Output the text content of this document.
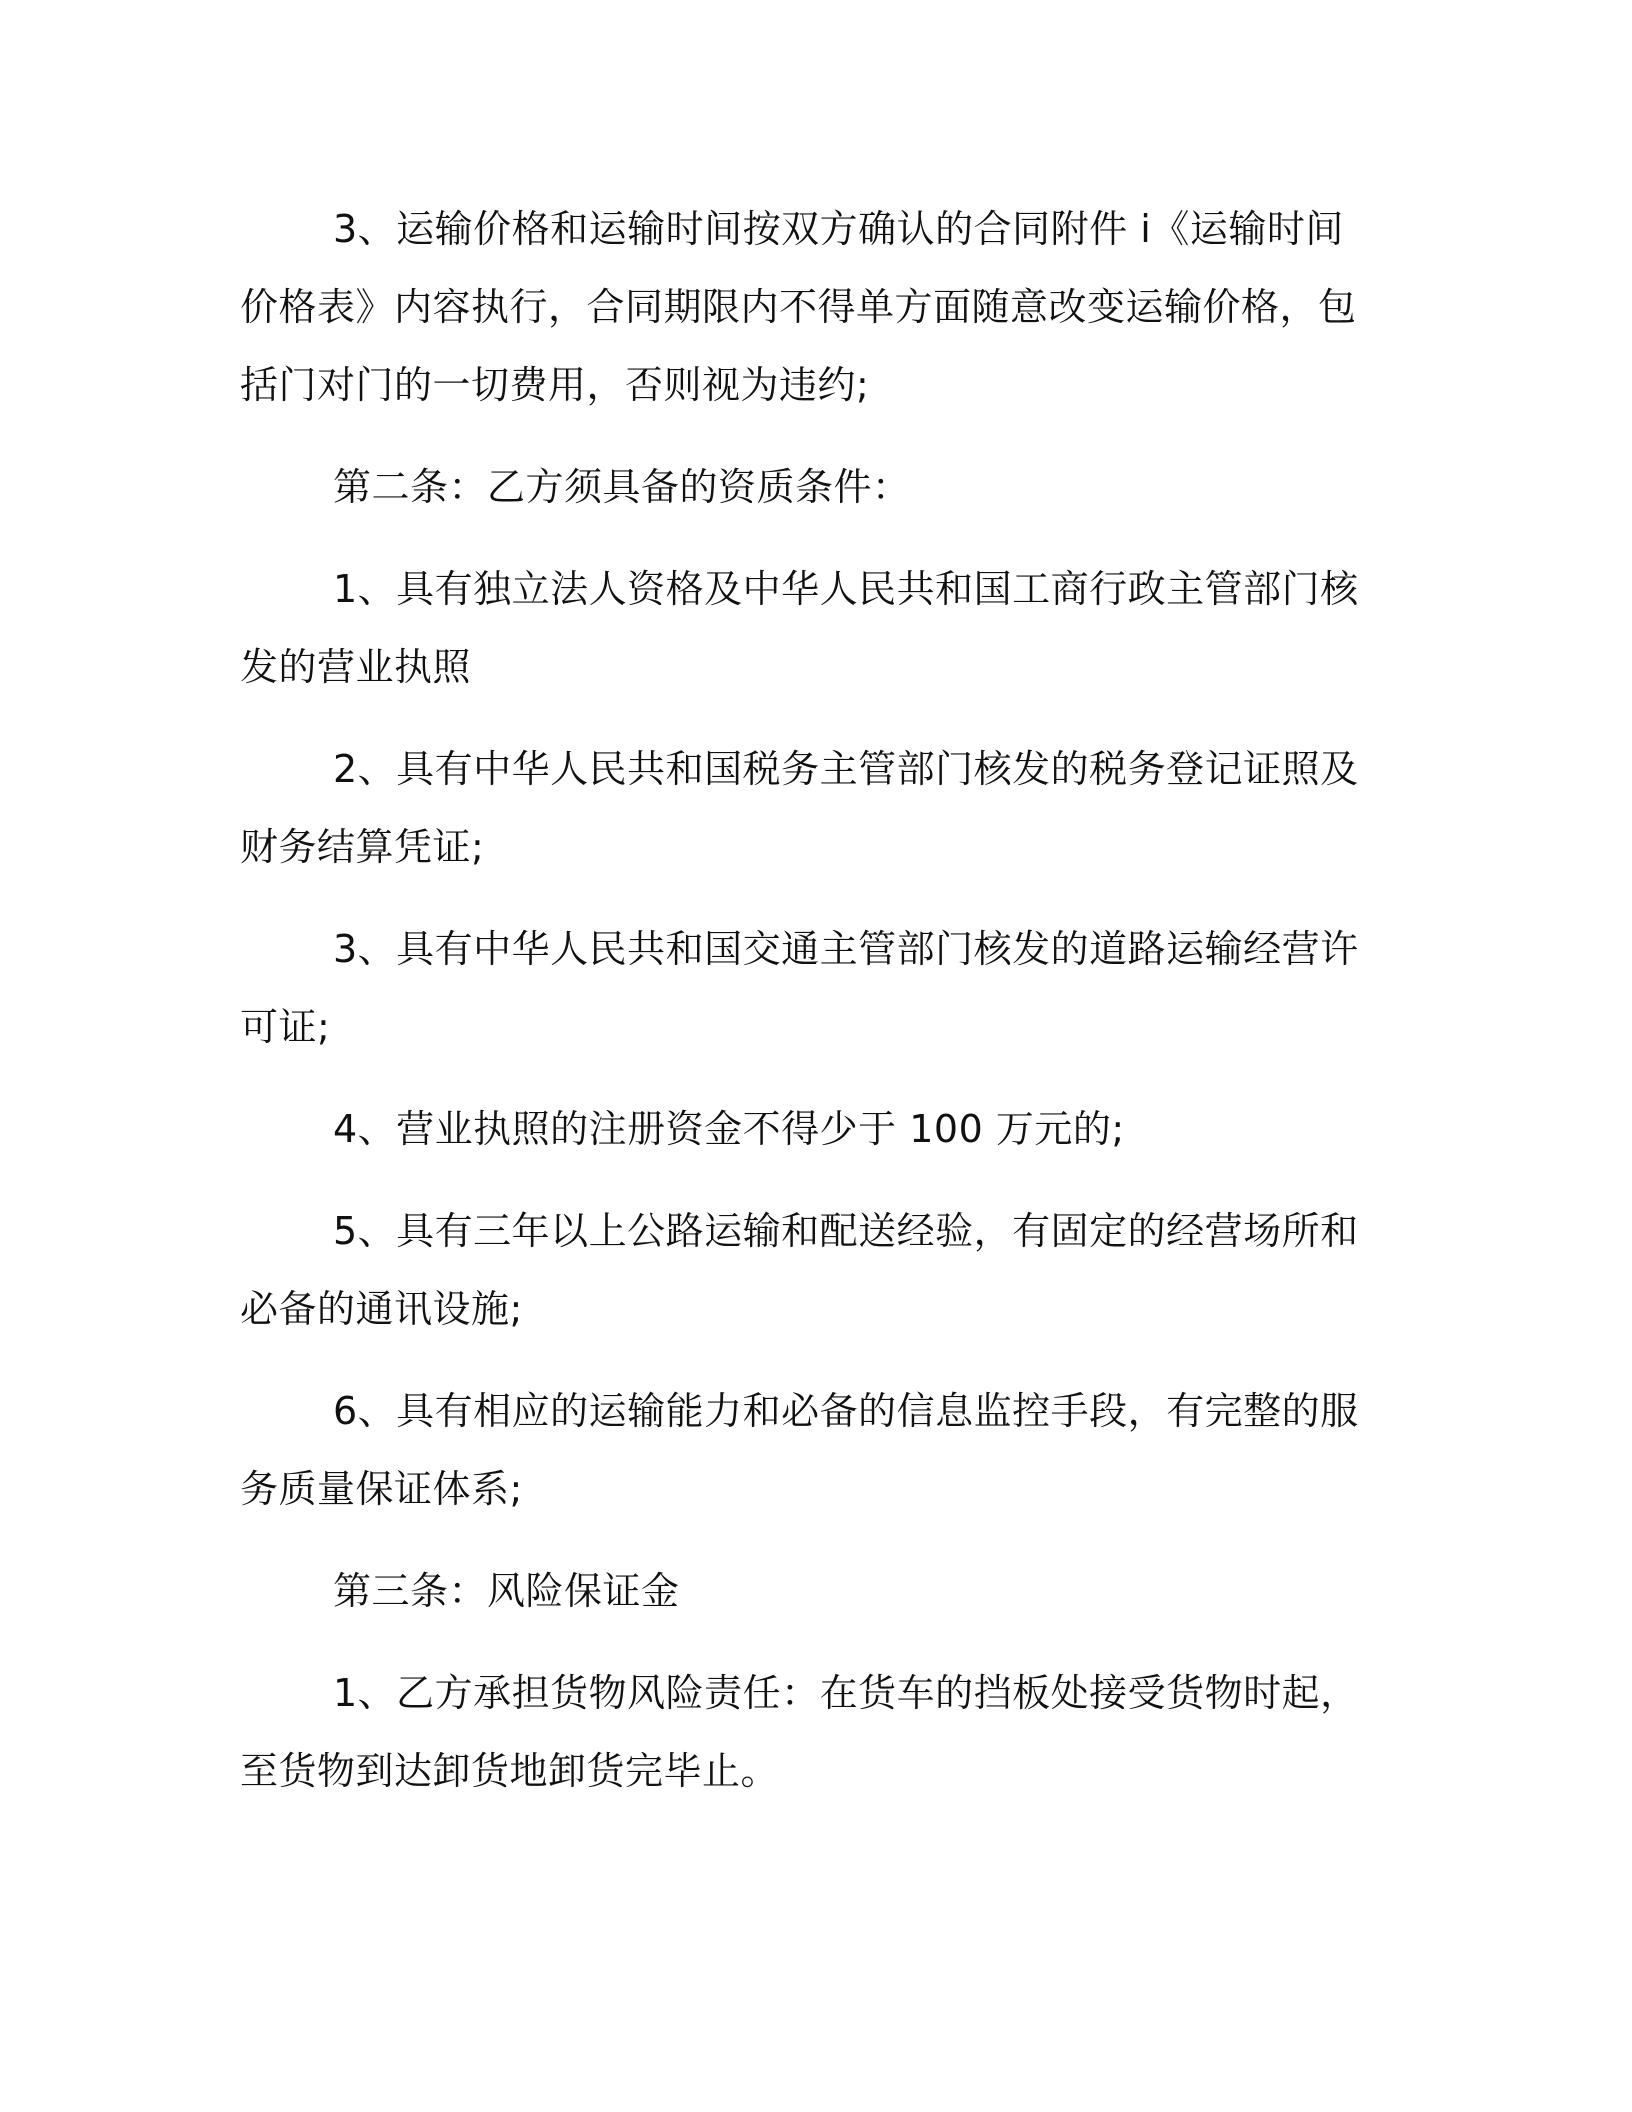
3、运输价格和运输时间按双方确认的合同附件 i《运输时间价格表》内容执行，合同期限内不得单方面随意改变运输价格，包括门对门的一切费用，否则视为违约;

第二条：乙方须具备的资质条件：

1、具有独立法人资格及中华人民共和国工商行政主管部门核发的营业执照

2、具有中华人民共和国税务主管部门核发的税务登记证照及财务结算凭证;

3、具有中华人民共和国交通主管部门核发的道路运输经营许可证;

4、营业执照的注册资金不得少于 100 万元的;

5、具有三年以上公路运输和配送经验，有固定的经营场所和必备的通讯设施;

6、具有相应的运输能力和必备的信息监控手段，有完整的服务质量保证体系;

第三条：风险保证金

1、乙方承担货物风险责任：在货车的挡板处接受货物时起，至货物到达卸货地卸货完毕止。
